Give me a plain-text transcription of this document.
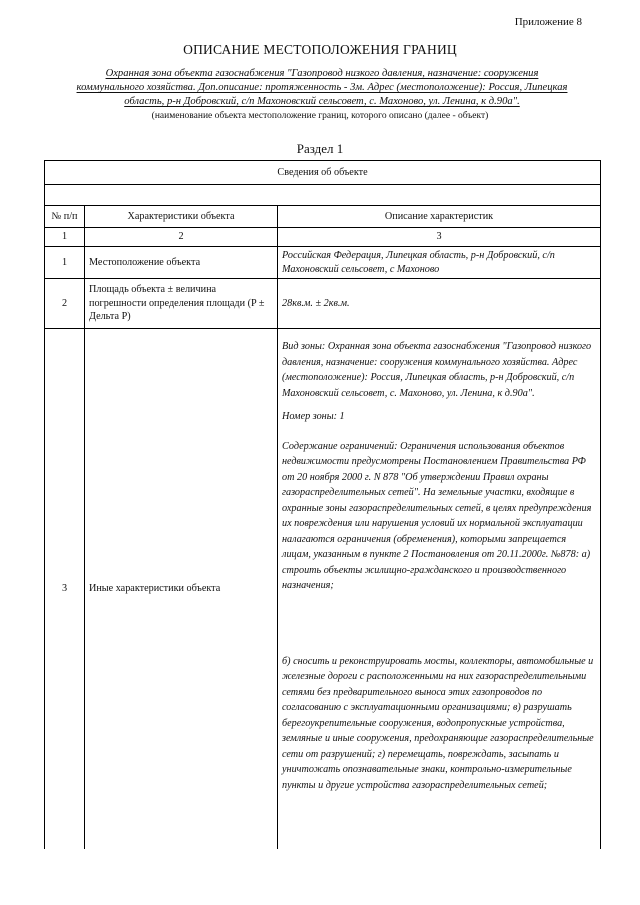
Приложение 8
ОПИСАНИЕ МЕСТОПОЛОЖЕНИЯ ГРАНИЦ
Охранная зона объекта газоснабжения "Газопровод низкого давления, назначение: сооружения коммунального хозяйства. Доп.описание: протяженность - 3м. Адрес (местоположение): Россия, Липецкая область, р-н Добровский, с/п Махоновский сельсовет, с. Махоново, ул. Ленина, к д.90а".
(наименование объекта местоположение границ, которого описано (далее - объект)
Раздел 1
Сведения об объекте		

№ п/п	Характеристики объекта	Описание характеристик
1	2	3
1	Местоположение объекта	Российская Федерация, Липецкая область, р-н Добровский, с/п Махоновский сельсовет, с Махоново

2	Площадь объекта ± величина погрешности определения площади (P ± Дельта P)	28кв.м. ± 2кв.м.

3	Иные характеристики объекта	Вид зоны: Охранная зона объекта газоснабжения "Газопровод низкого давления, назначение: сооружения коммунального хозяйства. Адрес (местоположение): Россия, Липецкая область, р-н Добровский, с/п Махоновский сельсовет, с. Махоново, ул. Ленина, к д.90а".

Номер зоны: 1

Содержание ограничений: Ограничения использования объектов недвижимости предусмотрены Постановлением Правительства РФ от 20 ноября 2000 г. N 878 "Об утверждении Правил охраны газораспределительных сетей". На земельные участки, входящие в охранные зоны газораспределительных сетей, в целях предупреждения их повреждения или нарушения условий их нормальной эксплуатации налагаются ограничения (обременения), которыми запрещается лицам, указанным в пункте 2 Постановления от 20.11.2000г. №878: а) строить объекты жилищно-гражданского и производственного назначения;

б) сносить и реконструировать мосты, коллекторы, автомобильные и железные дороги с расположенными на них газораспределительными сетями без предварительного выноса этих газопроводов по согласованию с эксплуатационными организациями; в) разрушать берегоукрепительные сооружения, водопропускные устройства, земляные и иные сооружения, предохраняющие газораспределительные сети от разрушений; г) перемещать, повреждать, засыпать и уничтожать опознавательные знаки, контрольно-измерительные пункты и другие устройства газораспределительных сетей;
